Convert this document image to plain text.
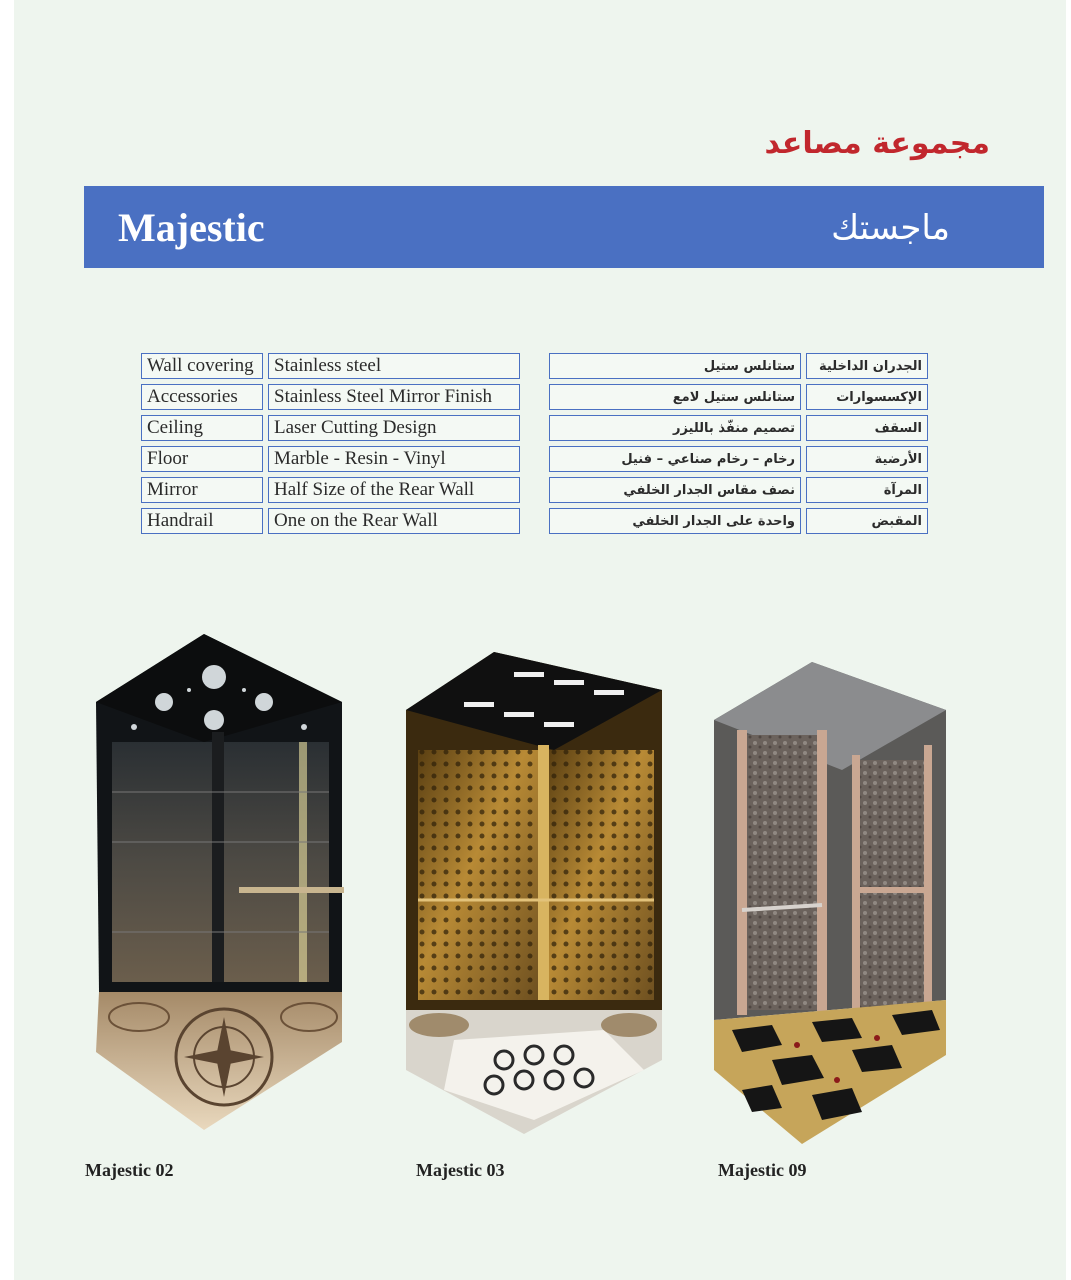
مجموعة مصاعد
Majestic	ماجستك
Wall covering	Stainless steel
Accessories	Stainless Steel Mirror Finish
Ceiling	Laser Cutting Design
Floor	Marble - Resin - Vinyl
Mirror	Half Size of the Rear Wall
Handrail	One on the Rear Wall
الجدران الداخلية	ستانلس ستيل
الإكسسوارات	ستانلس ستيل لامع
السقف	تصميم منفّذ بالليزر
الأرضية	رخام – رخام صناعي – فنيل
المرآة	نصف مقاس الجدار الخلفي
المقبض	واحدة على الجدار الخلفي
Majestic 02	Majestic 03	Majestic 09
